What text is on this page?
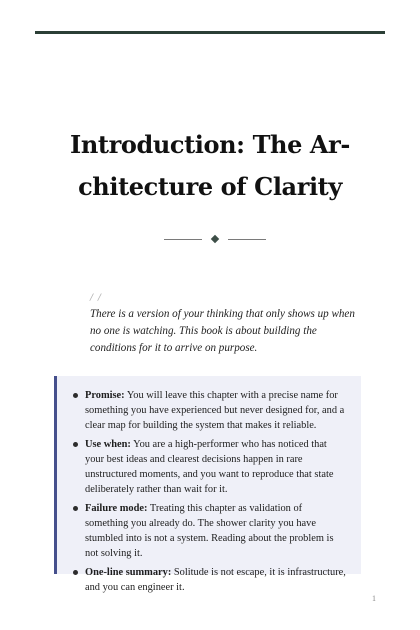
Introduction: The Ar-
chitecture of Clarity
/ /

There is a version of your thinking that only shows up when no one is watching. This book is about building the conditions for it to arrive on purpose.

Promise: You will leave this chapter with a precise name for something you have experienced but never designed for, and a clear map for building the system that makes it reliable.
Use when: You are a high-performer who has noticed that your best ideas and clearest decisions happen in rare unstructured moments, and you want to reproduce that state deliberately rather than wait for it.
Failure mode: Treating this chapter as validation of something you already do. The shower clarity you have stumbled into is not a system. Reading about the problem is not solving it.
One-line summary: Solitude is not escape, it is infrastructure, and you can engineer it.
1
